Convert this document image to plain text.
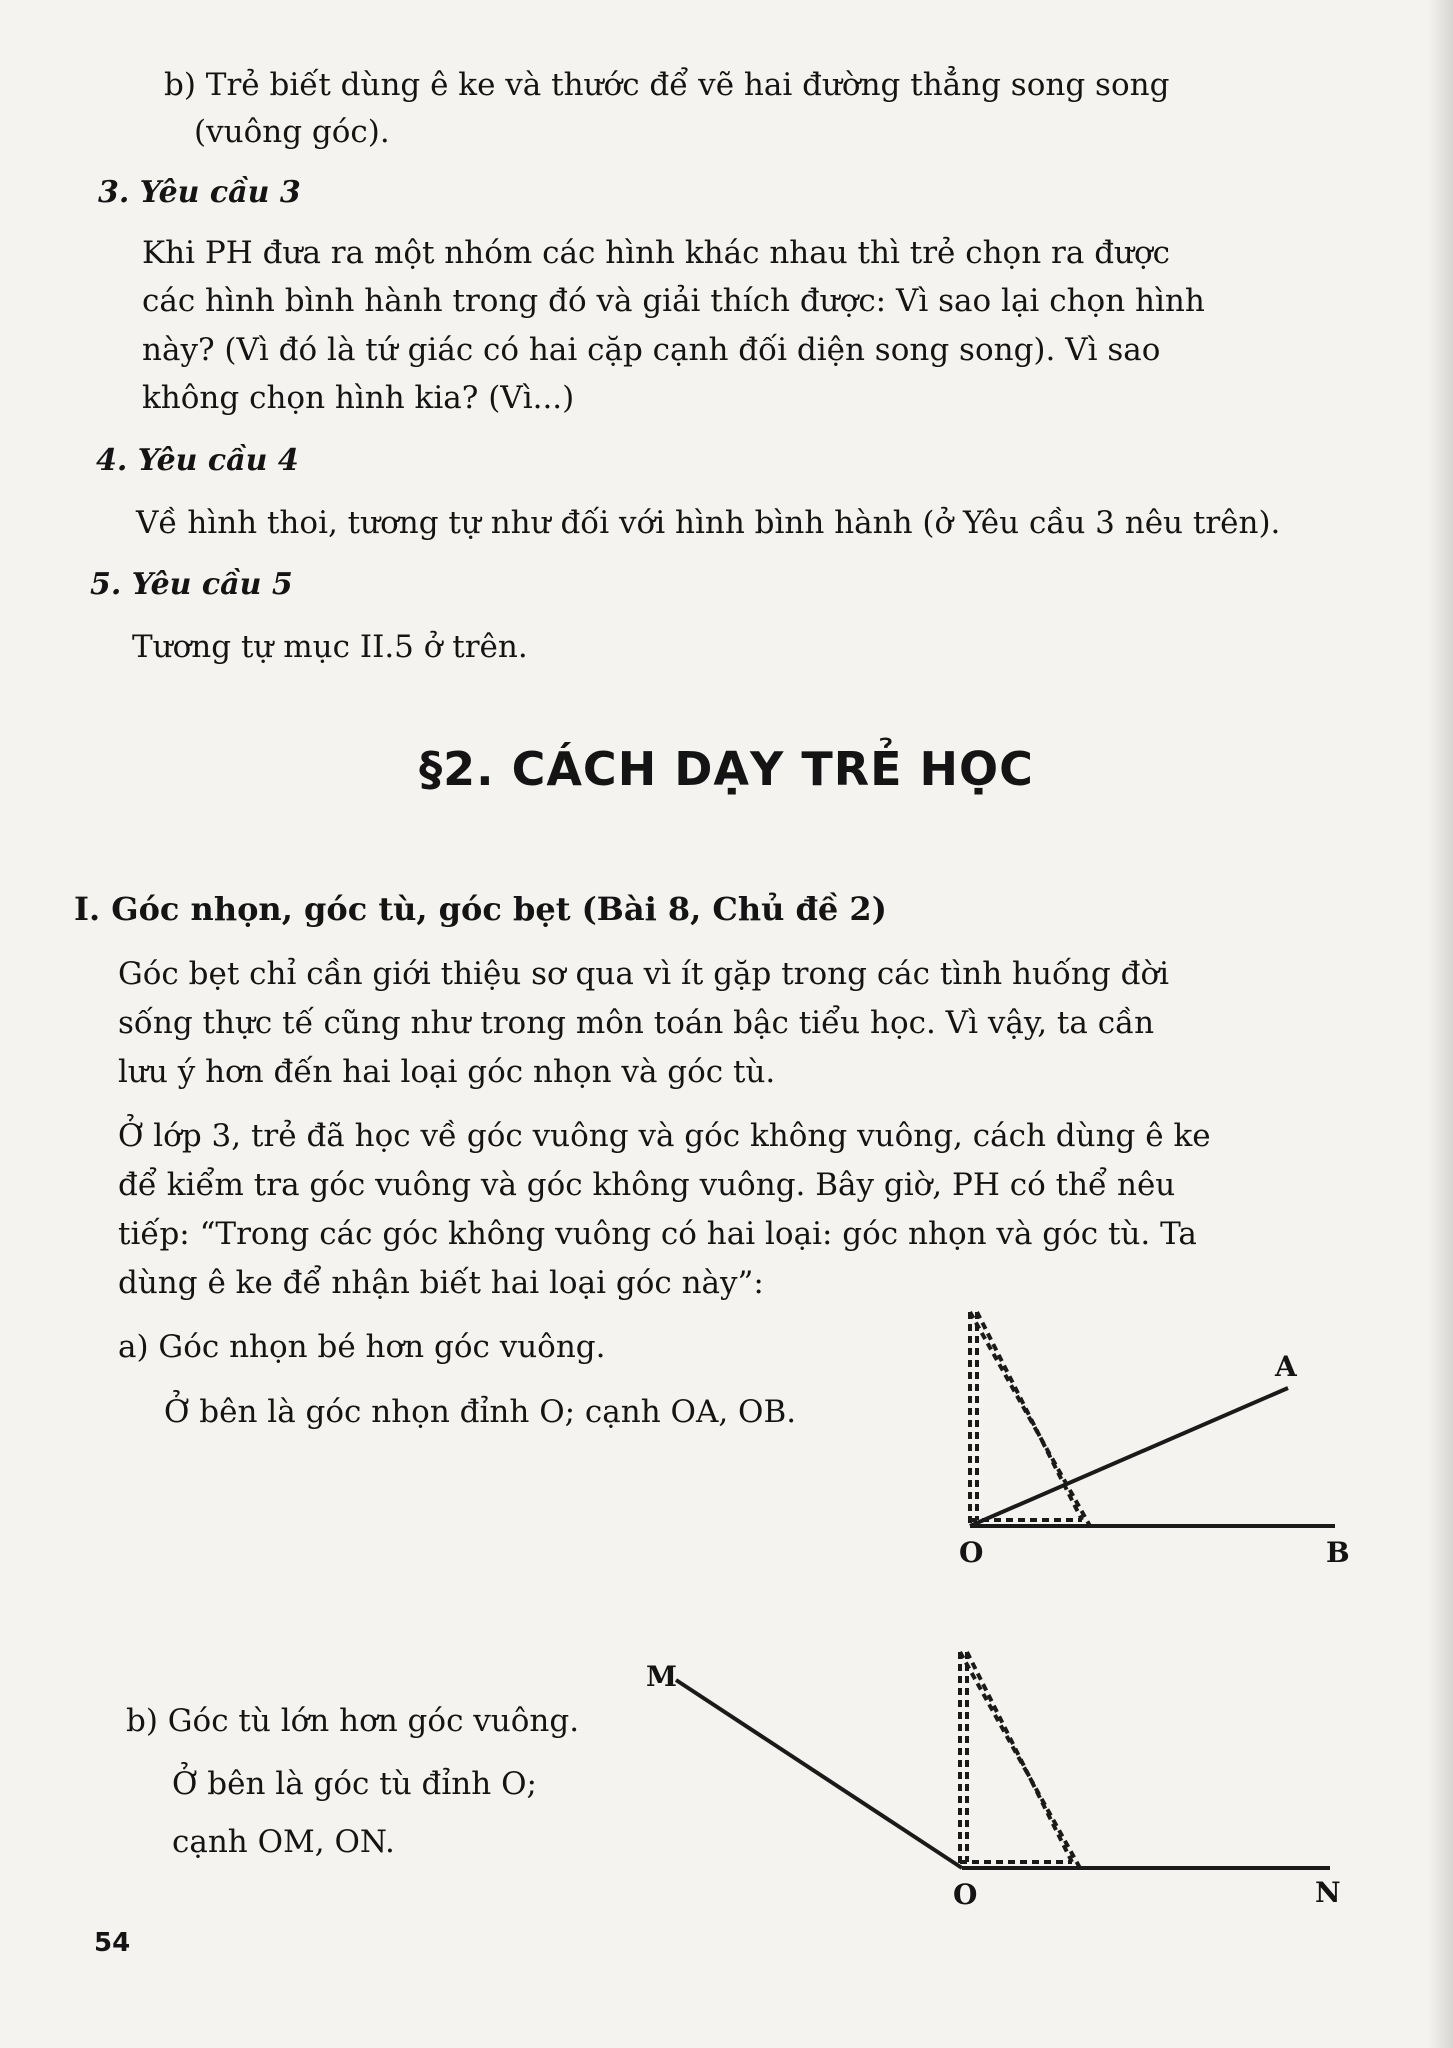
b) Trẻ biết dùng ê ke và thước để vẽ hai đường thẳng song song

(vuông góc).

3. Yêu cầu 3

Khi PH đưa ra một nhóm các hình khác nhau thì trẻ chọn ra được

các hình bình hành trong đó và giải thích được: Vì sao lại chọn hình

này? (Vì đó là tứ giác có hai cặp cạnh đối diện song song). Vì sao

không chọn hình kia? (Vì...)

4. Yêu cầu 4

Về hình thoi, tương tự như đối với hình bình hành (ở Yêu cầu 3 nêu trên).

5. Yêu cầu 5

Tương tự mục II.5 ở trên.

§2. CÁCH DẠY TRẺ HỌC

I. Góc nhọn, góc tù, góc bẹt (Bài 8, Chủ đề 2)

Góc bẹt chỉ cần giới thiệu sơ qua vì ít gặp trong các tình huống đời

sống thực tế cũng như trong môn toán bậc tiểu học. Vì vậy, ta cần

lưu ý hơn đến hai loại góc nhọn và góc tù.

Ở lớp 3, trẻ đã học về góc vuông và góc không vuông, cách dùng ê ke

để kiểm tra góc vuông và góc không vuông. Bây giờ, PH có thể nêu

tiếp: “Trong các góc không vuông có hai loại: góc nhọn và góc tù. Ta

dùng ê ke để nhận biết hai loại góc này”:

a) Góc nhọn bé hơn góc vuông.

Ở bên là góc nhọn đỉnh O; cạnh OA, OB.

A
O	B

b) Góc tù lớn hơn góc vuông.

Ở bên là góc tù đỉnh O;

cạnh OM, ON.

M
O	N
54
